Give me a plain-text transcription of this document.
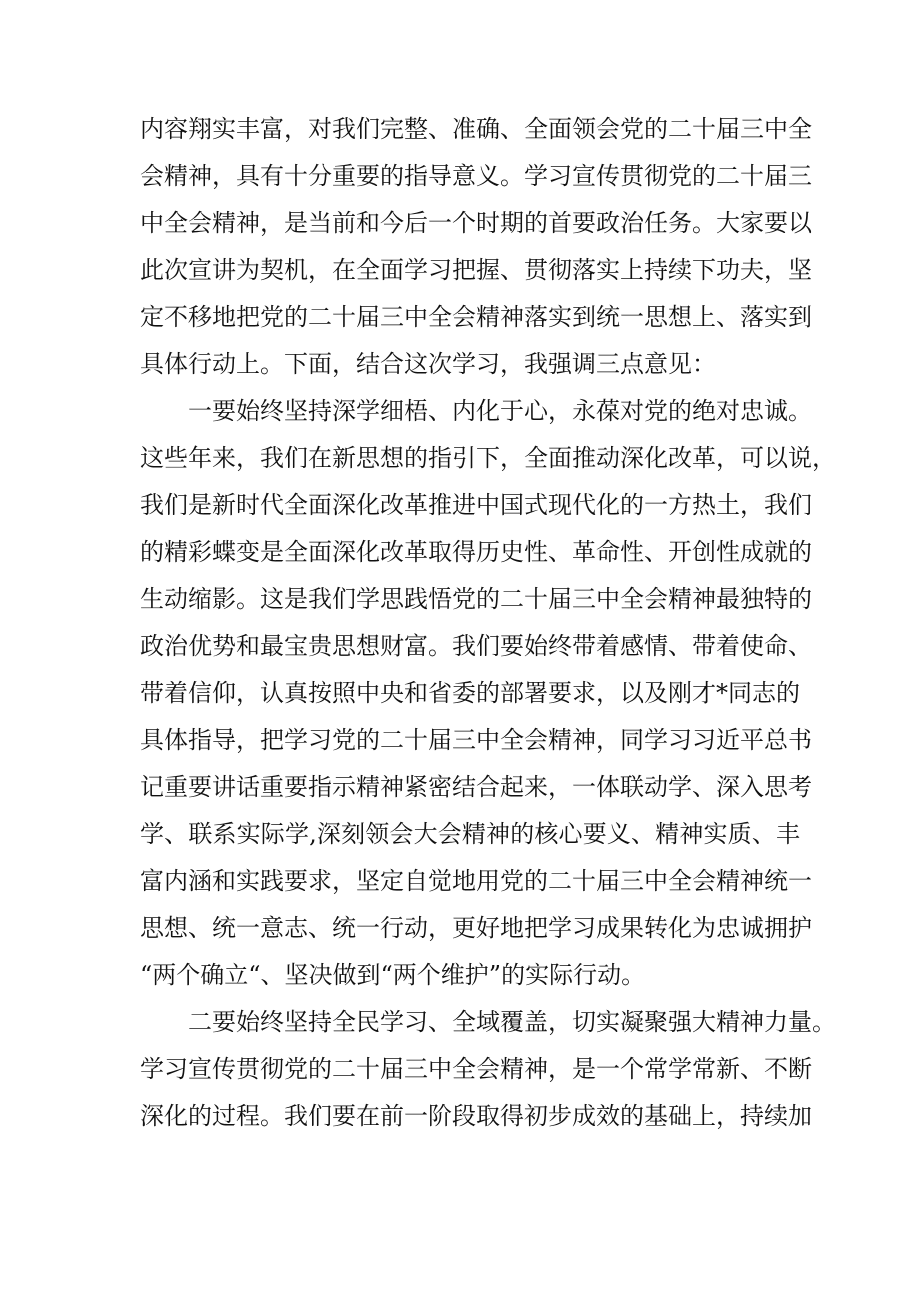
内容翔实丰富，对我们完整、准确、全面领会党的二十届三中全
会精神，具有十分重要的指导意义。学习宣传贯彻党的二十届三
中全会精神，是当前和今后一个时期的首要政治任务。大家要以
此次宣讲为契机，在全面学习把握、贯彻落实上持续下功夫，坚
定不移地把党的二十届三中全会精神落实到统一思想上、落实到
具体行动上。下面，结合这次学习，我强调三点意见：
一要始终坚持深学细梧、内化于心，永葆对党的绝对忠诚。
这些年来，我们在新思想的指引下，全面推动深化改革，可以说，
我们是新时代全面深化改革推进中国式现代化的一方热土，我们
的精彩蝶变是全面深化改革取得历史性、革命性、开创性成就的
生动缩影。这是我们学思践悟党的二十届三中全会精神最独特的
政治优势和最宝贵思想财富。我们要始终带着感情、带着使命、
带着信仰，认真按照中央和省委的部署要求，以及刚才*同志的
具体指导，把学习党的二十届三中全会精神，同学习习近平总书
记重要讲话重要指示精神紧密结合起来，一体联动学、深入思考
学、联系实际学,深刻领会大会精神的核心要义、精神实质、丰
富内涵和实践要求，坚定自觉地用党的二十届三中全会精神统一
思想、统一意志、统一行动，更好地把学习成果转化为忠诚拥护
“两个确立“、坚决做到“两个维护”的实际行动。
二要始终坚持全民学习、全域覆盖，切实凝聚强大精神力量。
学习宣传贯彻党的二十届三中全会精神，是一个常学常新、不断
深化的过程。我们要在前一阶段取得初步成效的基础上，持续加
